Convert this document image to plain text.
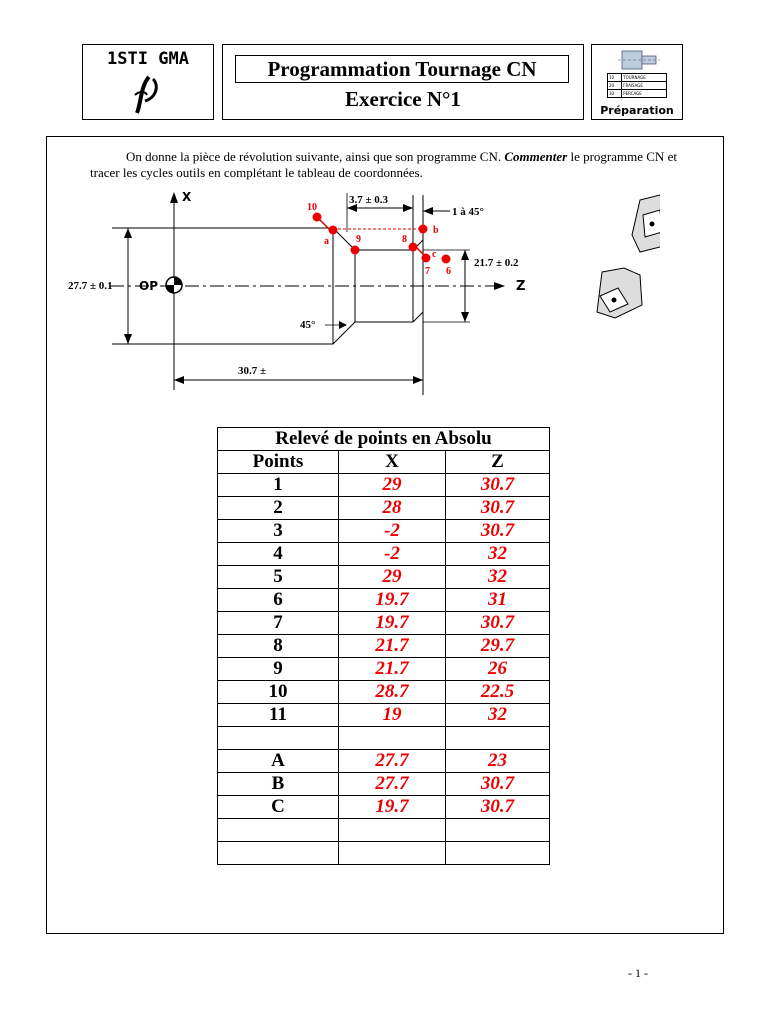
1STI GMA	Programmation Tournage CN
Exercice N°1
10	TOURNAGE
20	FRAISAGE
30	PERCAGE
Préparation
On donne la pièce de révolution suivante, ainsi que son programme CN. Commenter le programme CN et tracer les cycles outils en complétant le tableau de coordonnées.
X
Z
OP
27.7 ± 0.1
21.7 ± 0.2
3.7 ± 0.3
1 à 45°
45°
30.7 ±
10
a	9	8
b
c
7 6
Relevé de points en Absolu		
Points	X	Z
1	29	30.7
2	28	30.7
3	-2	30.7
4	-2	32
5	29	32
6	19.7	31
7	19.7	30.7
8	21.7	29.7
9	21.7	26
10	28.7	22.5
11	19	32

A	27.7	23
B	27.7	30.7
C	19.7	30.7

- 1 -
